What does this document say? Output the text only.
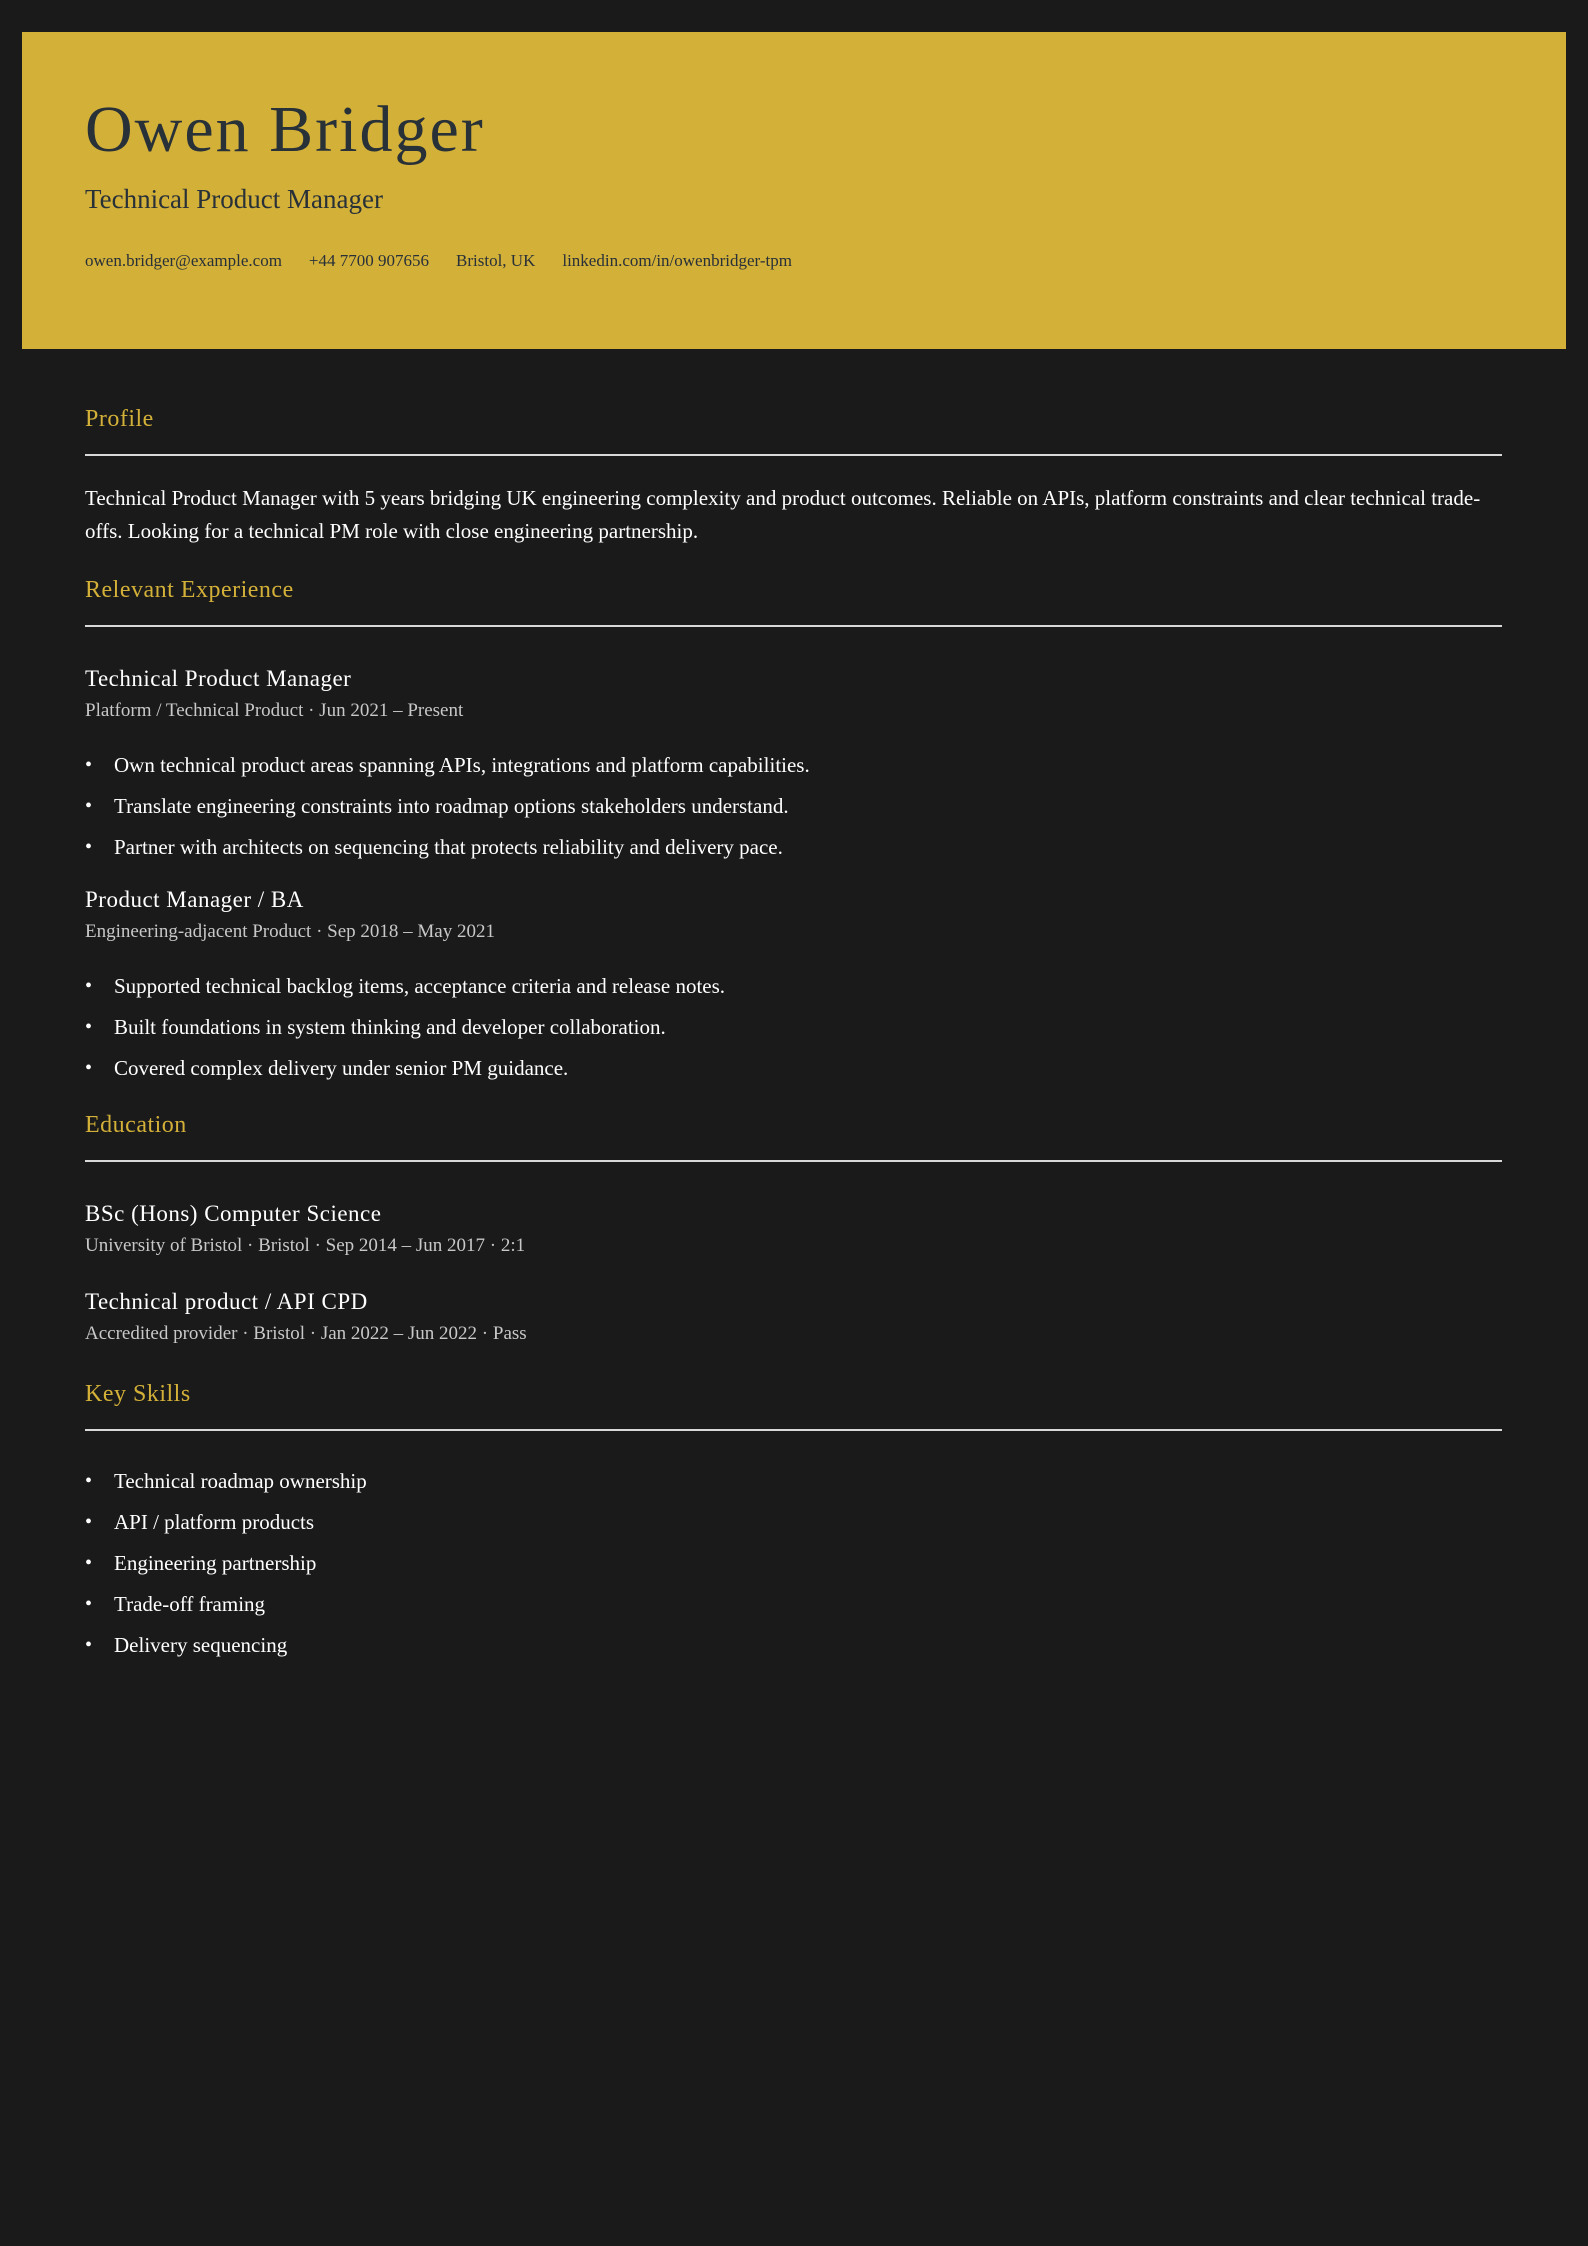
Owen Bridger
Technical Product Manager
owen.bridger@example.com +44 7700 907656 Bristol, UK linkedin.com/in/owenbridger-tpm
Profile
Technical Product Manager with 5 years bridging UK engineering complexity and product outcomes. Reliable on APIs, platform constraints and clear technical trade-offs. Looking for a technical PM role with close engineering partnership.
Relevant Experience
Technical Product Manager
Platform / Technical Product · Jun 2021 – Present
• Own technical product areas spanning APIs, integrations and platform capabilities.
• Translate engineering constraints into roadmap options stakeholders understand.
• Partner with architects on sequencing that protects reliability and delivery pace.
Product Manager / BA
Engineering-adjacent Product · Sep 2018 – May 2021
• Supported technical backlog items, acceptance criteria and release notes.
• Built foundations in system thinking and developer collaboration.
• Covered complex delivery under senior PM guidance.
Education
BSc (Hons) Computer Science
University of Bristol · Bristol · Sep 2014 – Jun 2017 · 2:1
Technical product / API CPD
Accredited provider · Bristol · Jan 2022 – Jun 2022 · Pass
Key Skills
• Technical roadmap ownership
• API / platform products
• Engineering partnership
• Trade-off framing
• Delivery sequencing
